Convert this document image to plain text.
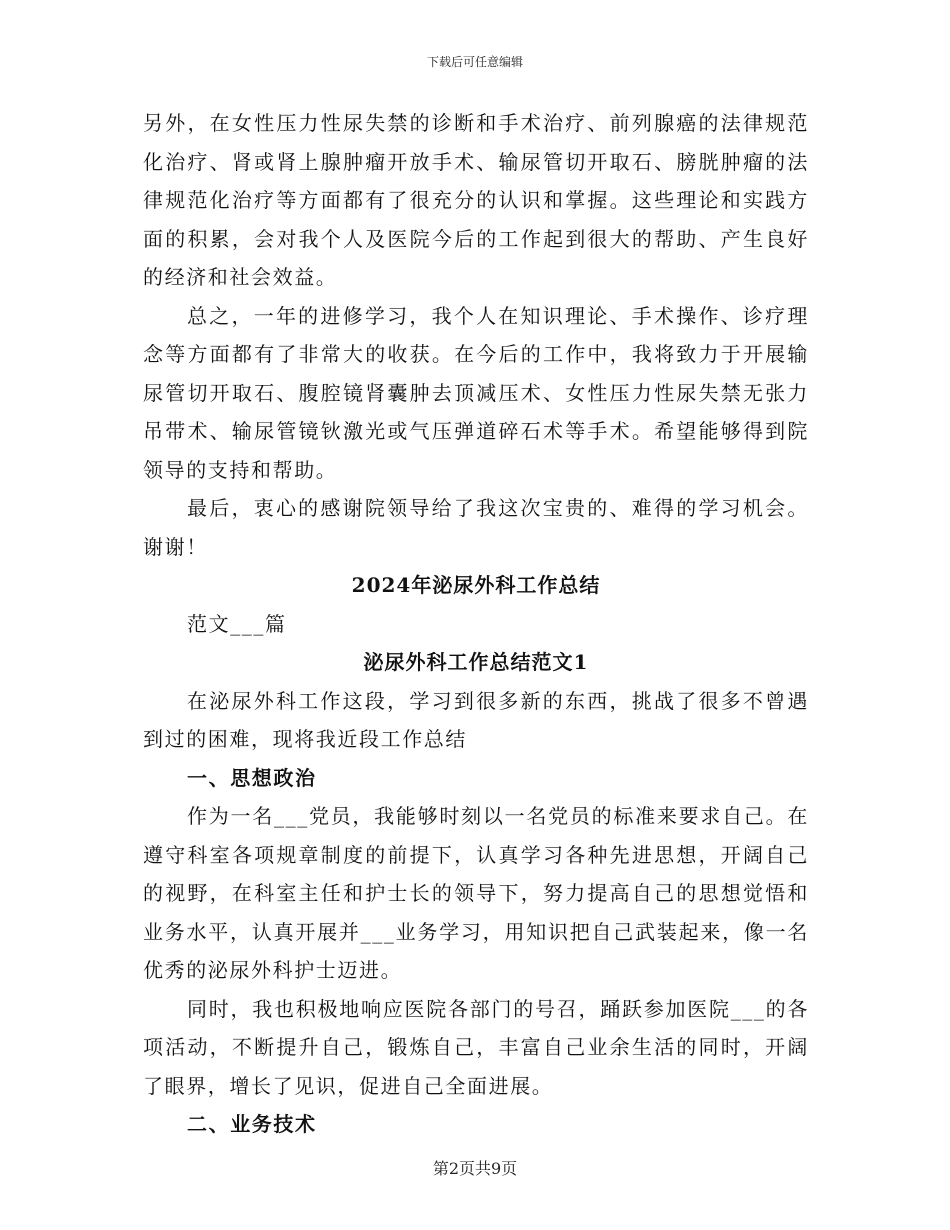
下载后可任意编辑

另外，在女性压力性尿失禁的诊断和手术治疗、前列腺癌的法律规范化治疗、肾或肾上腺肿瘤开放手术、输尿管切开取石、膀胱肿瘤的法律规范化治疗等方面都有了很充分的认识和掌握。这些理论和实践方面的积累，会对我个人及医院今后的工作起到很大的帮助、产生良好的经济和社会效益。

总之，一年的进修学习，我个人在知识理论、手术操作、诊疗理念等方面都有了非常大的收获。在今后的工作中，我将致力于开展输尿管切开取石、腹腔镜肾囊肿去顶减压术、女性压力性尿失禁无张力吊带术、输尿管镜钬激光或气压弹道碎石术等手术。希望能够得到院领导的支持和帮助。

最后，衷心的感谢院领导给了我这次宝贵的、难得的学习机会。谢谢！

2024年泌尿外科工作总结

范文___篇

泌尿外科工作总结范文1

在泌尿外科工作这段，学习到很多新的东西，挑战了很多不曾遇到过的困难，现将我近段工作总结

一、思想政治

作为一名___党员，我能够时刻以一名党员的标准来要求自己。在遵守科室各项规章制度的前提下，认真学习各种先进思想，开阔自己的视野，在科室主任和护士长的领导下，努力提高自己的思想觉悟和业务水平，认真开展并___业务学习，用知识把自己武装起来，像一名优秀的泌尿外科护士迈进。

同时，我也积极地响应医院各部门的号召，踊跃参加医院___的各项活动，不断提升自己，锻炼自己，丰富自己业余生活的同时，开阔了眼界，增长了见识，促进自己全面进展。

二、业务技术

第2页共9页
